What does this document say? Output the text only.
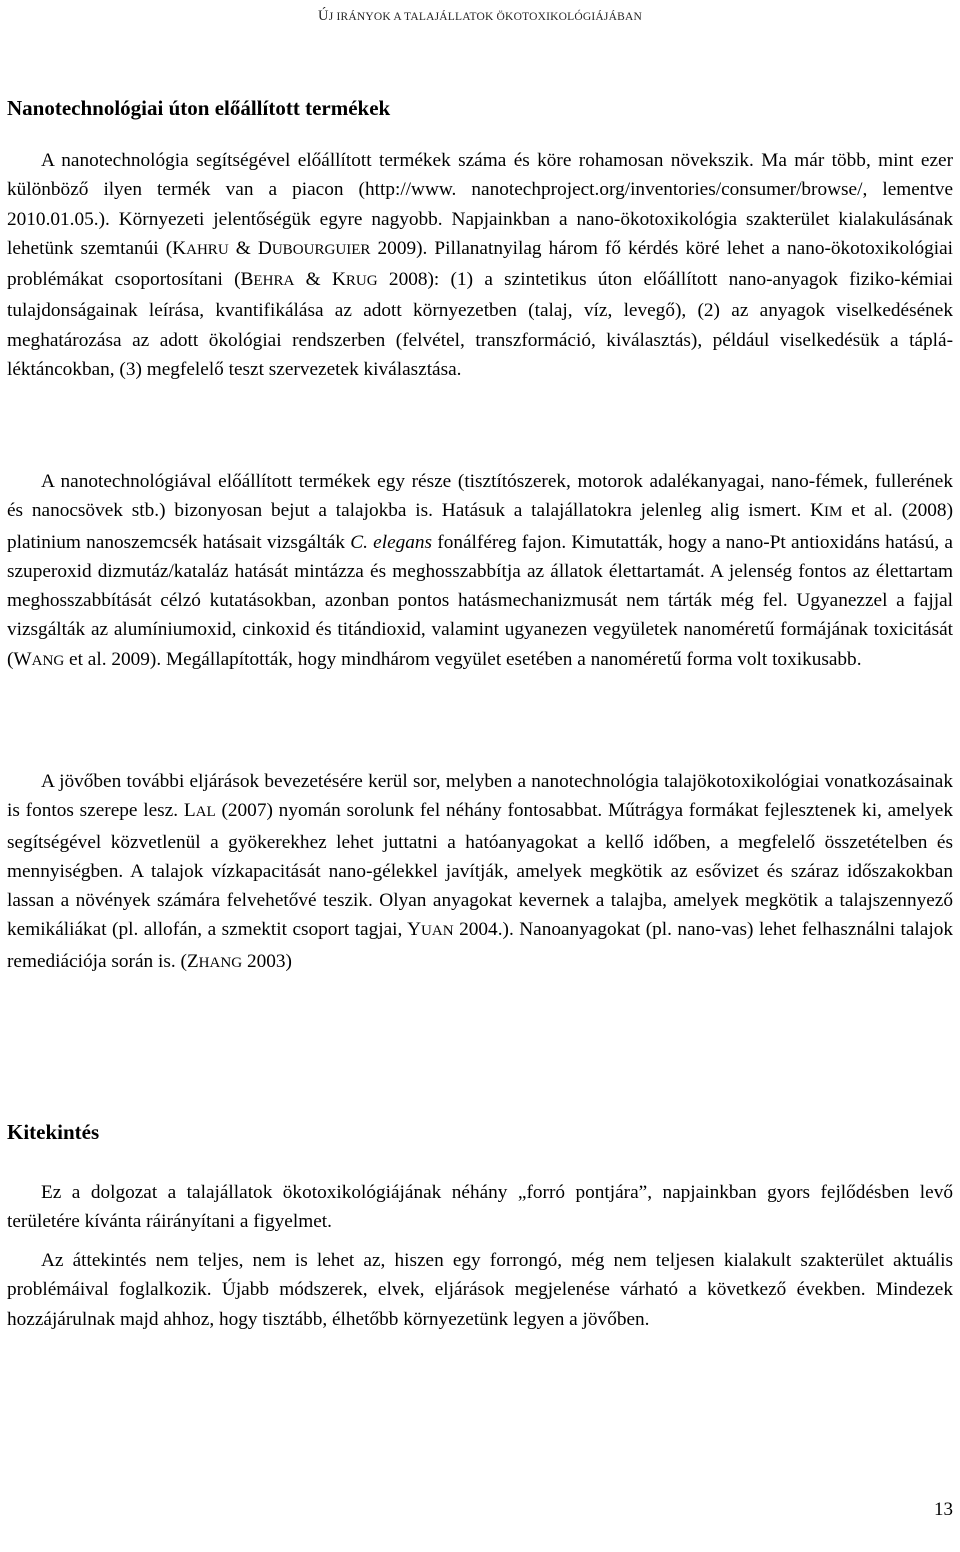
ÚJ IRÁNYOK A TALAJÁLLATOK ÖKOTOXIKOLÓGIÁJÁBAN
Nanotechnológiai úton előállított termékek

A nanotechnológia segítségével előállított termékek száma és köre rohamosan növekszik. Ma már több, mint ezer különböző ilyen termék van a piacon (http://www. nanotechproject.org/inventories/consumer/browse/, lementve 2010.01.05.). Környezeti jelentőségük egyre nagyobb. Napjainkban a nano-ökotoxikológia szakterület kialakulásának lehetünk szemtanúi (KAHRU & DUBOURGUIER 2009). Pillanatnyilag három fő kérdés köré lehet a nano-ökotoxikológiai problémákat csoportosítani (BEHRA & KRUG 2008): (1) a szintetikus úton előállított nano-anyagok fiziko-kémiai tulajdonságainak leírása, kvantifikálása az adott környezetben (talaj, víz, levegő), (2) az anyagok viselkedésének meghatározása az adott ökológiai rendszerben (felvétel, transzformáció, kiválasztás), például viselkedésük a tápláléktáncokban, (3) megfelelő teszt szervezetek kiválasztása.

A nanotechnológiával előállított termékek egy része (tisztítószerek, motorok adalékanyagai, nano-fémek, fullerének és nanocsövek stb.) bizonyosan bejut a talajokba is. Hatásuk a talajállatokra jelenleg alig ismert. KIM et al. (2008) platinium nanoszemcsék hatásait vizsgálták C. elegans fonálféreg fajon. Kimutatták, hogy a nano-Pt antioxidáns hatású, a szuperoxid dizmutáz/kataláz hatását mintázza és meghosszabbítja az állatok élettartamát. A jelenség fontos az élettartam meghosszabbítását célzó kutatásokban, azonban pontos hatásmechanizmusát nem tárták még fel. Ugyanezzel a fajjal vizsgálták az alumíniumoxid, cinkoxid és titándioxid, valamint ugyanezen vegyületek nanoméretű formájának toxicitását (WANG et al. 2009). Megállapították, hogy mindhárom vegyület esetében a nanoméretű forma volt toxikusabb.

A jövőben további eljárások bevezetésére kerül sor, melyben a nanotechnológia talajökotoxikológiai vonatkozásainak is fontos szerepe lesz. LAL (2007) nyomán sorolunk fel néhány fontosabbat. Műtrágya formákat fejlesztenek ki, amelyek segítségével közvetlenül a gyökerekhez lehet juttatni a hatóanyagokat a kellő időben, a megfelelő összetételben és mennyiségben. A talajok vízkapacitását nano-gélekkel javítják, amelyek megkötik az esővizet és száraz időszakokban lassan a növények számára felvehetővé teszik. Olyan anyagokat kevernek a talajba, amelyek megkötik a talajszennyező kemikáliákat (pl. allofán, a szmektit csoport tagjai, YUAN 2004.). Nanoanyagokat (pl. nano-vas) lehet felhasználni talajok remediációja során is. (ZHANG 2003)

Kitekintés

Ez a dolgozat a talajállatok ökotoxikológiájának néhány „forró pontjára”, napjainkban gyors fejlődésben levő területére kívánta ráirányítani a figyelmet.

Az áttekintés nem teljes, nem is lehet az, hiszen egy forrongó, még nem teljesen kialakult szakterület aktuális problémáival foglalkozik. Újabb módszerek, elvek, eljárások megjelenése várható a következő években. Mindezek hozzájárulnak majd ahhoz, hogy tisztább, élhetőbb környezetünk legyen a jövőben.

13
